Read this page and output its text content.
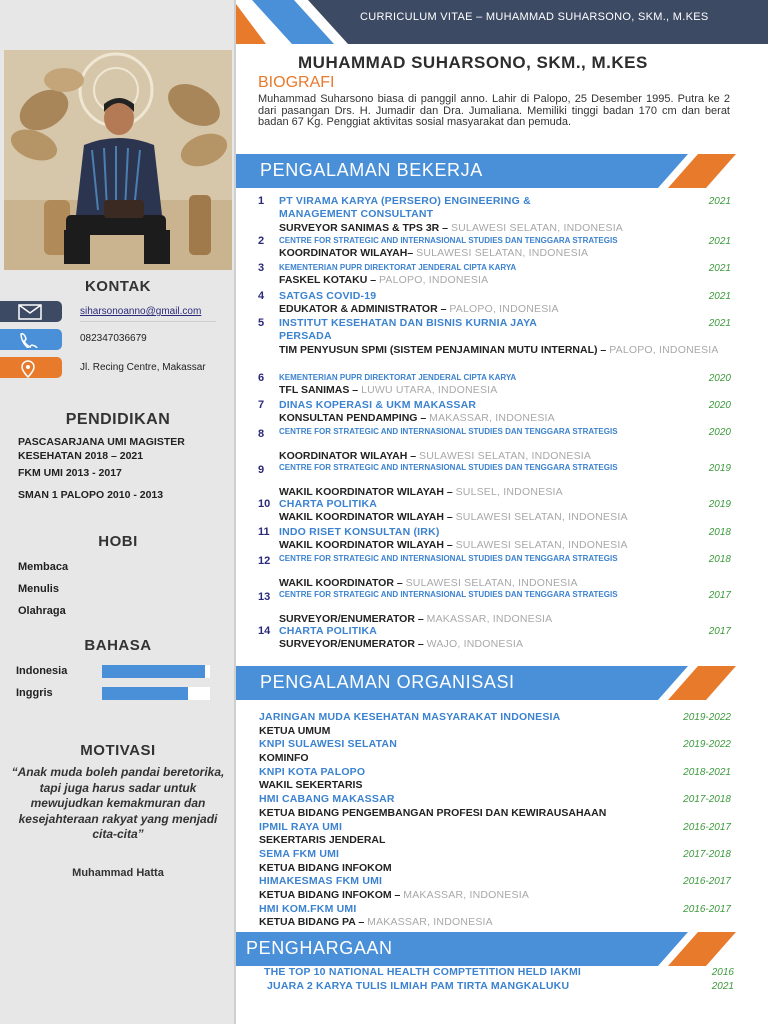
CURRICULUM VITAE – MUHAMMAD SUHARSONO, SKM., M.KES
KONTAK
siharsonoanno@gmail.com
082347036679
Jl. Recing Centre, Makassar
PENDIDIKAN
PASCASARJANA UMI MAGISTER KESEHATAN 2018 – 2021
FKM UMI 2013 - 2017
SMAN 1 PALOPO 2010 - 2013
HOBI
Membaca
Menulis
Olahraga
BAHASA
Indonesia
Inggris
MOTIVASI
“Anak muda boleh pandai beretorika, tapi juga harus sadar untuk mewujudkan kemakmuran dan kesejahteraan rakyat yang menjadi cita-cita”
Muhammad Hatta
MUHAMMAD SUHARSONO, SKM., M.KES
BIOGRAFI
Muhammad Suharsono biasa di panggil anno. Lahir di Palopo, 25 Desember 1995. Putra ke 2 dari pasangan Drs. H. Jumadir dan Dra. Jumaliana. Memiliki tinggi badan 170 cm dan berat badan 67 Kg. Penggiat aktivitas sosial masyarakat dan pemuda.
PENGALAMAN BEKERJA
1 PT VIRAMA KARYA (PERSERO) ENGINEERING & MANAGEMENT CONSULTANT
SURVEYOR SANIMAS & TPS 3R – SULAWESI SELATAN, INDONESIA
2021
2 CENTRE FOR STRATEGIC AND INTERNASIONAL STUDIES DAN TENGGARA STRATEGIS
KOORDINATOR WILAYAH– SULAWESI SELATAN, INDONESIA
2021
3 KEMENTERIAN PUPR DIREKTORAT JENDERAL CIPTA KARYA
FASKEL KOTAKU – PALOPO, INDONESIA
2021
4 SATGAS COVID-19
EDUKATOR & ADMINISTRATOR – PALOPO, INDONESIA
2021
5 INSTITUT KESEHATAN DAN BISNIS KURNIA JAYA PERSADA
TIM PENYUSUN SPMI (SISTEM PENJAMINAN MUTU INTERNAL) – PALOPO, INDONESIA
2021
6 KEMENTERIAN PUPR DIREKTORAT JENDERAL CIPTA KARYA
TFL SANIMAS – LUWU UTARA, INDONESIA
2020
7 DINAS KOPERASI & UKM MAKASSAR
KONSULTAN PENDAMPING – MAKASSAR, INDONESIA
2020
8 CENTRE FOR STRATEGIC AND INTERNASIONAL STUDIES DAN TENGGARA STRATEGIS
KOORDINATOR WILAYAH – SULAWESI SELATAN, INDONESIA
2020
9 CENTRE FOR STRATEGIC AND INTERNASIONAL STUDIES DAN TENGGARA STRATEGIS
WAKIL KOORDINATOR WILAYAH – SULSEL, INDONESIA
2019
10 CHARTA POLITIKA
WAKIL KOORDINATOR WILAYAH – SULAWESI SELATAN, INDONESIA
2019
11 INDO RISET KONSULTAN (IRK)
WAKIL KOORDINATOR WILAYAH – SULAWESI SELATAN, INDONESIA
2018
12 CENTRE FOR STRATEGIC AND INTERNASIONAL STUDIES DAN TENGGARA STRATEGIS
WAKIL KOORDINATOR – SULAWESI SELATAN, INDONESIA
2018
13 CENTRE FOR STRATEGIC AND INTERNASIONAL STUDIES DAN TENGGARA STRATEGIS
SURVEYOR/ENUMERATOR – MAKASSAR, INDONESIA
2017
14 CHARTA POLITIKA
SURVEYOR/ENUMERATOR – WAJO, INDONESIA
2017
PENGALAMAN ORGANISASI
JARINGAN MUDA KESEHATAN MASYARAKAT INDONESIA
KETUA UMUM
2019-2022
KNPI SULAWESI SELATAN
KOMINFO
2019-2022
KNPI KOTA PALOPO
WAKIL SEKERTARIS
2018-2021
HMI CABANG MAKASSAR
KETUA BIDANG PENGEMBANGAN PROFESI DAN KEWIRAUSAHAAN
2017-2018
IPMIL RAYA UMI
SEKERTARIS JENDERAL
2016-2017
SEMA FKM UMI
KETUA BIDANG INFOKOM
2017-2018
HIMAKESMAS FKM UMI
KETUA BIDANG INFOKOM – MAKASSAR, INDONESIA
2016-2017
HMI KOM.FKM UMI
KETUA BIDANG PA – MAKASSAR, INDONESIA
2016-2017
PENGHARGAAN
THE TOP 10 NATIONAL HEALTH COMPTETITION HELD IAKMI	2016
JUARA 2 KARYA TULIS ILMIAH PAM TIRTA MANGKALUKU	2021
